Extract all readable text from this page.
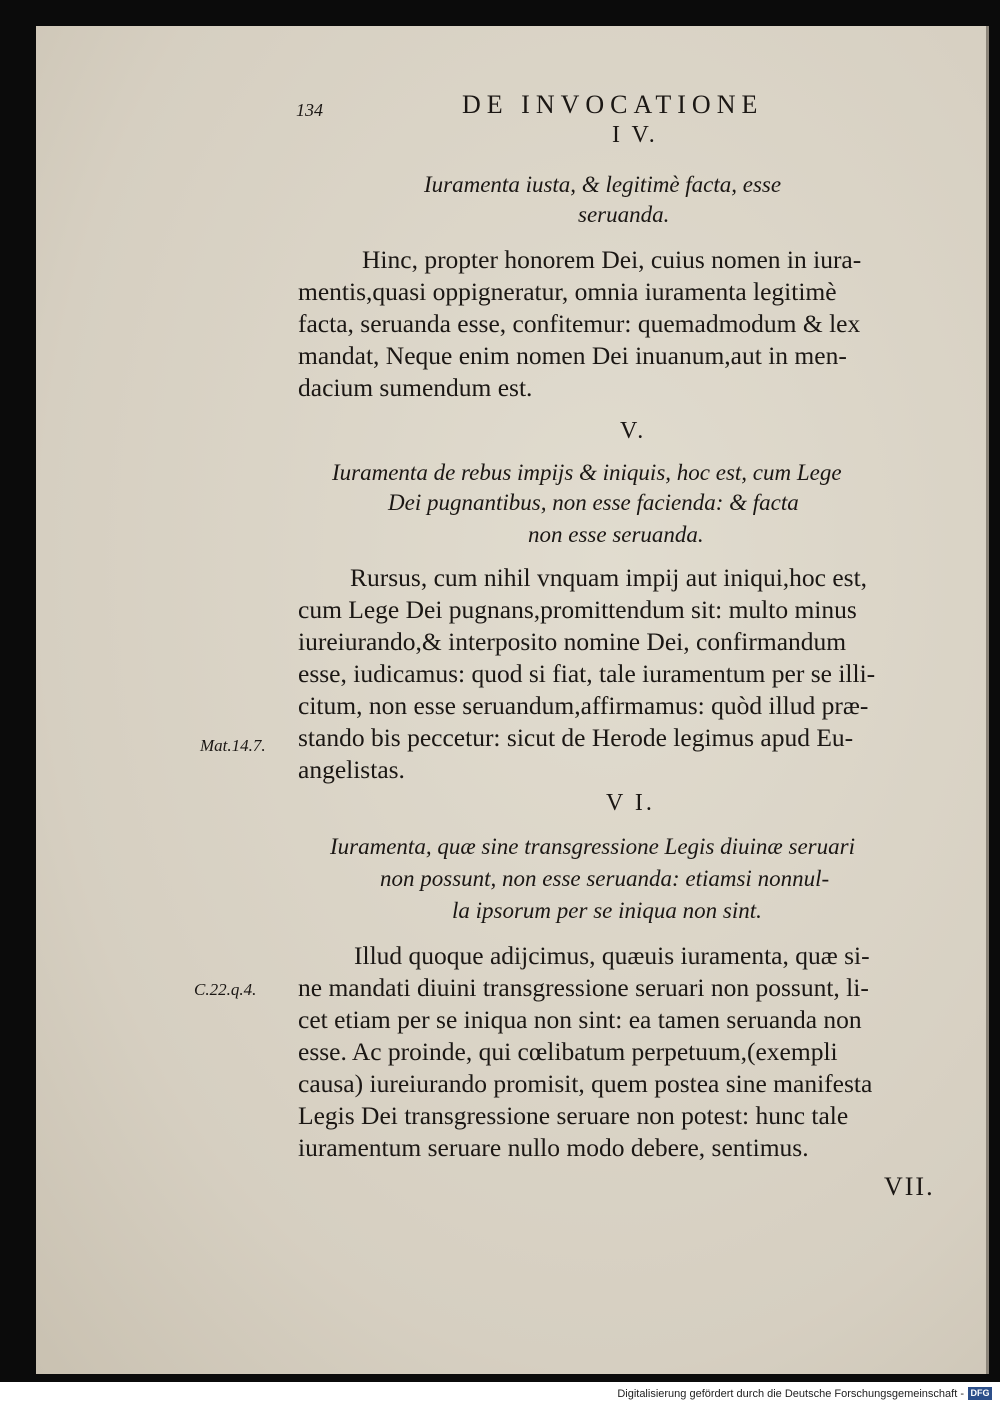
134	DE INVOCATIONE
I V.
Iuramenta iusta, & legitimè facta, esse
seruanda.

Hinc, propter honorem Dei, cuius nomen in iura-

mentis,quasi oppigneratur, omnia iuramenta legitimè

facta, seruanda esse, confitemur: quemadmodum & lex

mandat, Neque enim nomen Dei inuanum,aut in men-

dacium sumendum est.

V.
Iuramenta de rebus impijs & iniquis, hoc est, cum Lege
Dei pugnantibus, non esse facienda: & facta
non esse seruanda.

Rursus, cum nihil vnquam impij aut iniqui,hoc est,

cum Lege Dei pugnans,promittendum sit: multo minus

iureiurando,& interposito nomine Dei, confirmandum

esse, iudicamus: quod si fiat, tale iuramentum per se illi-

citum, non esse seruandum,affirmamus: quòd illud præ-

stando bis peccetur: sicut de Herode legimus apud Eu-

angelistas.

Mat.14.7.
V I.
Iuramenta, quæ sine transgressione Legis diuinæ seruari
non possunt, non esse seruanda: etiamsi nonnul-
la ipsorum per se iniqua non sint.

Illud quoque adijcimus, quæuis iuramenta, quæ si-

ne mandati diuini transgressione seruari non possunt, li-

cet etiam per se iniqua non sint: ea tamen seruanda non

esse. Ac proinde, qui cœlibatum perpetuum,(exempli

causa) iureiurando promisit, quem postea sine manifesta

Legis Dei transgressione seruare non potest: hunc tale

iuramentum seruare nullo modo debere, sentimus.

C.22.q.4.
VII.
Digitalisierung gefördert durch die Deutsche Forschungsgemeinschaft - DFG
